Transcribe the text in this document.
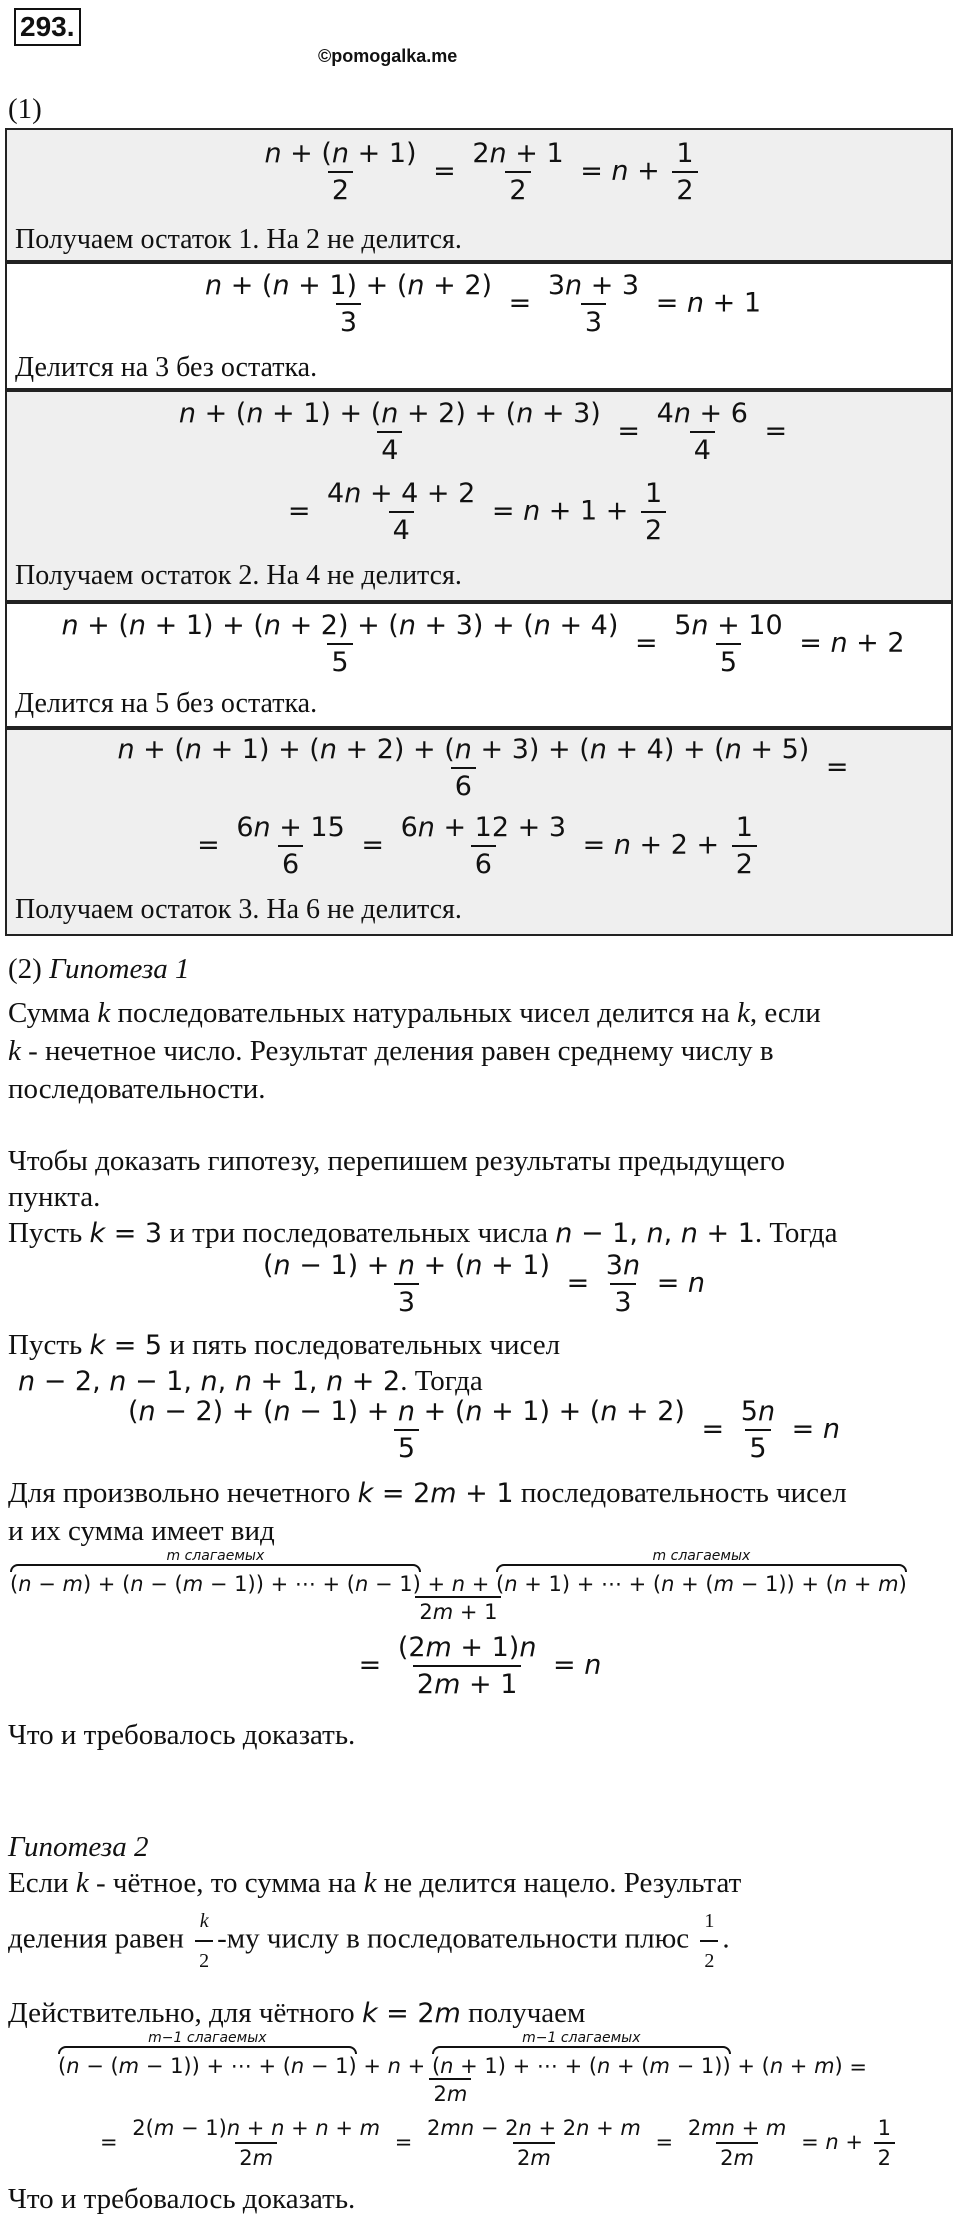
293.
©pomogalka.me
(1)
$\frac{n + (n + 1)}{2} = \frac{2n + 1}{2} = n + \frac{1}{2}$
Получаем остаток 1. На 2 не делится.
$\frac{n + (n + 1) + (n + 2)}{3} = \frac{3n + 3}{3} = n + 1$
Делится на 3 без остатка.
$\frac{n + (n + 1) + (n + 2) + (n + 3)}{4} = \frac{4n + 6}{4}$ =
= $\frac{4n + 4 + 2}{4} = n + 1 + \frac{1}{2}$
Получаем остаток 2. На 4 не делится.
$\frac{n + (n + 1) + (n + 2) + (n + 3) + (n + 4)}{5} = \frac{5n + 10}{5} = n + 2$
Делится на 5 без остатка.
$\frac{n + (n + 1) + (n + 2) + (n + 3) + (n + 4) + (n + 5)}{6}$ =
= $\frac{6n + 15}{6} = \frac{6n + 12 + 3}{6} = n + 2 + \frac{1}{2}$
Получаем остаток 3. На 6 не делится.
(2) Гипотеза 1
Сумма k последовательных натуральных чисел делится на k, если
k - нечетное число. Результат деления равен среднему числу в
последовательности.
Чтобы доказать гипотезу, перепишем результаты предыдущего
пункта.
Пусть k = 3 и три последовательных числа n − 1, n, n + 1. Тогда
$\frac{(n - 1) + n + (n + 1)}{3} = \frac{3n}{3} = n$
Пусть k = 5 и пять последовательных чисел
n − 2, n − 1, n, n + 1, n + 2. Тогда
$\frac{(n - 2) + (n - 1) + n + (n + 1) + (n + 2)}{5} = \frac{5n}{5} = n$
Для произвольно нечетного k = 2m + 1 последовательность чисел
и их сумма имеет вид
m слагаемых
(n − m) + (n − (m − 1)) + ⋯ + (n − 1) + n +
m слагаемых
(n + 1) + ⋯ + (n + (m − 1)) + (n + m)
2m + 1
= $\frac{(2m + 1)n}{2m + 1} = n$
Что и требовалось доказать.
Гипотеза 2
Если k - чётное, то сумма на k не делится нацело. Результат
деления равен $\frac{k}{2} -му$ числу в последовательности плюс $\frac{1}{2}$ .
Действительно, для чётного k = 2m получаем
m−1 слагаемых
(n − (m − 1)) + ⋯ + (n − 1) + n +
m−1 слагаемых
(n + 1) + ⋯ + (n + (m − 1)) + (n + m)
2m
=
= $\frac{2(m - 1)n + n + n + m}{2m} = \frac{2mn - 2n + 2n + m}{2m} = \frac{2mn + m}{2m} = n + \frac{1}{2}$
Что и требовалось доказать.
